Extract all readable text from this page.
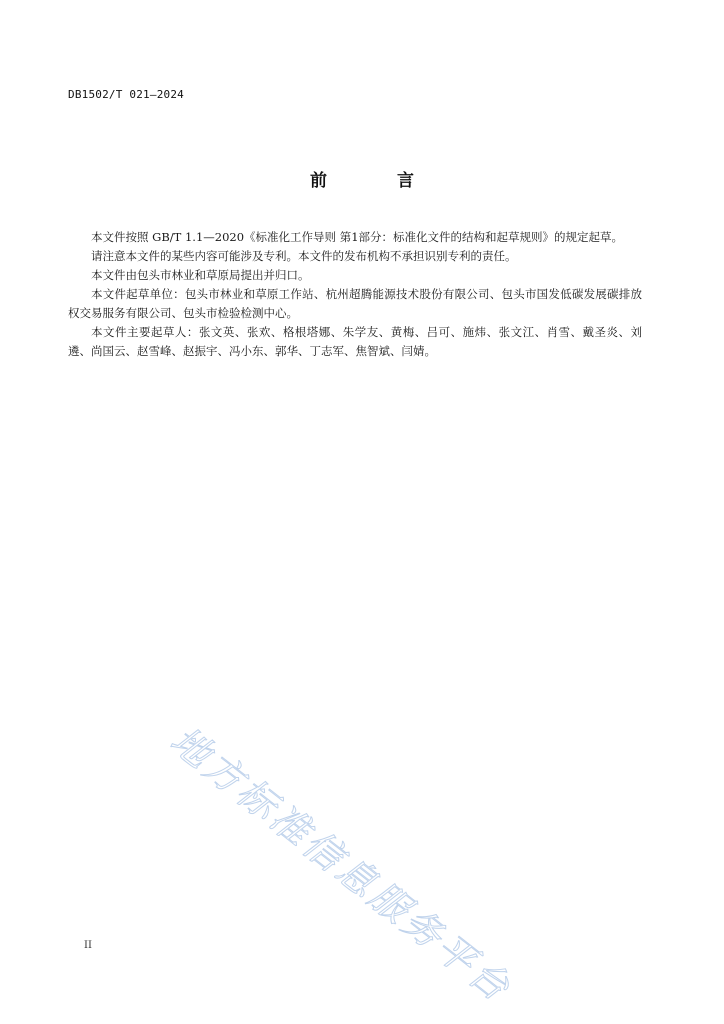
DB1502/T 021—2024
前 言

本文件按照 GB/T 1.1—2020《标准化工作导则 第1部分：标准化文件的结构和起草规则》的规定起草。

请注意本文件的某些内容可能涉及专利。本文件的发布机构不承担识别专利的责任。

本文件由包头市林业和草原局提出并归口。

本文件起草单位：包头市林业和草原工作站、杭州超腾能源技术股份有限公司、包头市国发低碳发展碳排放权交易服务有限公司、包头市检验检测中心。

本文件主要起草人：张文英、张欢、格根塔娜、朱学友、黄梅、吕可、施炜、张文江、肖雪、戴圣炎、刘遴、尚国云、赵雪峰、赵振宇、冯小东、郭华、丁志军、焦智斌、闫婧。

地方标准信息服务平台
II
